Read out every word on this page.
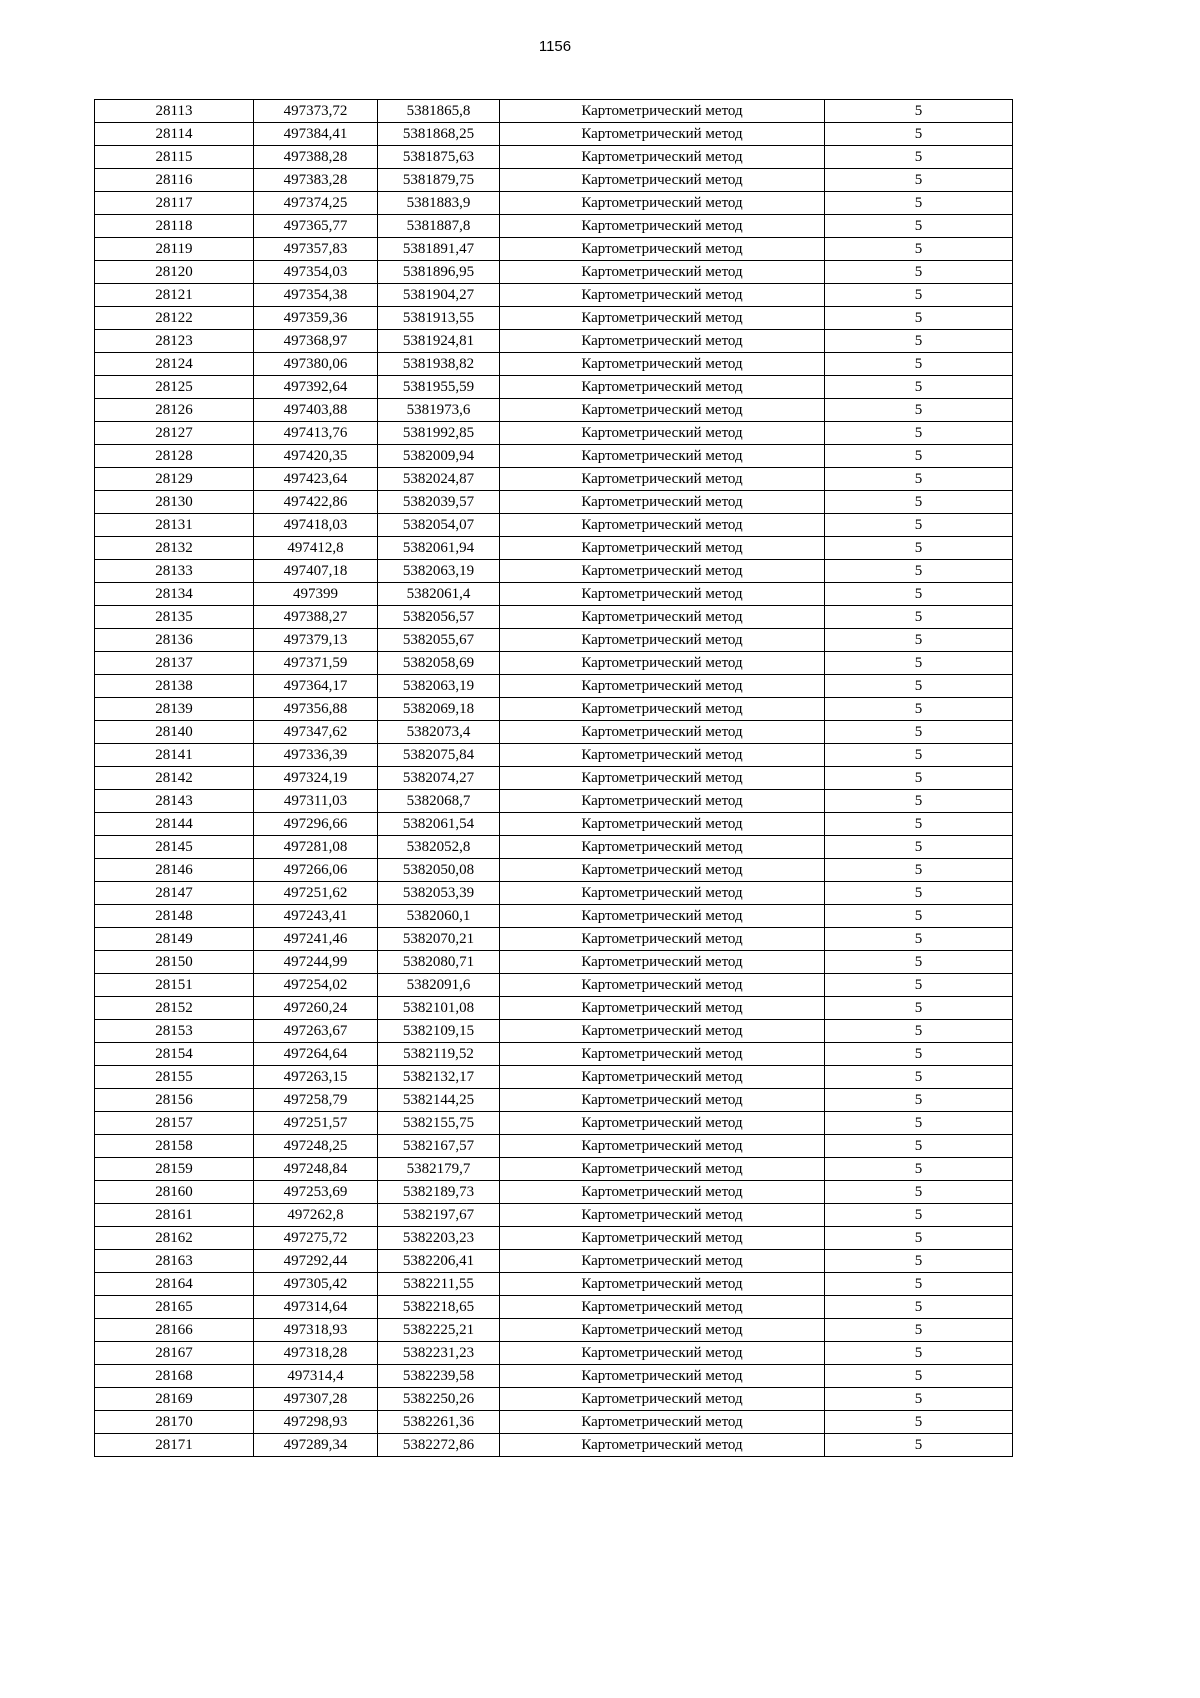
1156
28113	497373,72	5381865,8	Картометрический метод	5
28114	497384,41	5381868,25	Картометрический метод	5
28115	497388,28	5381875,63	Картометрический метод	5
28116	497383,28	5381879,75	Картометрический метод	5
28117	497374,25	5381883,9	Картометрический метод	5
28118	497365,77	5381887,8	Картометрический метод	5
28119	497357,83	5381891,47	Картометрический метод	5
28120	497354,03	5381896,95	Картометрический метод	5
28121	497354,38	5381904,27	Картометрический метод	5
28122	497359,36	5381913,55	Картометрический метод	5
28123	497368,97	5381924,81	Картометрический метод	5
28124	497380,06	5381938,82	Картометрический метод	5
28125	497392,64	5381955,59	Картометрический метод	5
28126	497403,88	5381973,6	Картометрический метод	5
28127	497413,76	5381992,85	Картометрический метод	5
28128	497420,35	5382009,94	Картометрический метод	5
28129	497423,64	5382024,87	Картометрический метод	5
28130	497422,86	5382039,57	Картометрический метод	5
28131	497418,03	5382054,07	Картометрический метод	5
28132	497412,8	5382061,94	Картометрический метод	5
28133	497407,18	5382063,19	Картометрический метод	5
28134	497399	5382061,4	Картометрический метод	5
28135	497388,27	5382056,57	Картометрический метод	5
28136	497379,13	5382055,67	Картометрический метод	5
28137	497371,59	5382058,69	Картометрический метод	5
28138	497364,17	5382063,19	Картометрический метод	5
28139	497356,88	5382069,18	Картометрический метод	5
28140	497347,62	5382073,4	Картометрический метод	5
28141	497336,39	5382075,84	Картометрический метод	5
28142	497324,19	5382074,27	Картометрический метод	5
28143	497311,03	5382068,7	Картометрический метод	5
28144	497296,66	5382061,54	Картометрический метод	5
28145	497281,08	5382052,8	Картометрический метод	5
28146	497266,06	5382050,08	Картометрический метод	5
28147	497251,62	5382053,39	Картометрический метод	5
28148	497243,41	5382060,1	Картометрический метод	5
28149	497241,46	5382070,21	Картометрический метод	5
28150	497244,99	5382080,71	Картометрический метод	5
28151	497254,02	5382091,6	Картометрический метод	5
28152	497260,24	5382101,08	Картометрический метод	5
28153	497263,67	5382109,15	Картометрический метод	5
28154	497264,64	5382119,52	Картометрический метод	5
28155	497263,15	5382132,17	Картометрический метод	5
28156	497258,79	5382144,25	Картометрический метод	5
28157	497251,57	5382155,75	Картометрический метод	5
28158	497248,25	5382167,57	Картометрический метод	5
28159	497248,84	5382179,7	Картометрический метод	5
28160	497253,69	5382189,73	Картометрический метод	5
28161	497262,8	5382197,67	Картометрический метод	5
28162	497275,72	5382203,23	Картометрический метод	5
28163	497292,44	5382206,41	Картометрический метод	5
28164	497305,42	5382211,55	Картометрический метод	5
28165	497314,64	5382218,65	Картометрический метод	5
28166	497318,93	5382225,21	Картометрический метод	5
28167	497318,28	5382231,23	Картометрический метод	5
28168	497314,4	5382239,58	Картометрический метод	5
28169	497307,28	5382250,26	Картометрический метод	5
28170	497298,93	5382261,36	Картометрический метод	5
28171	497289,34	5382272,86	Картометрический метод	5
